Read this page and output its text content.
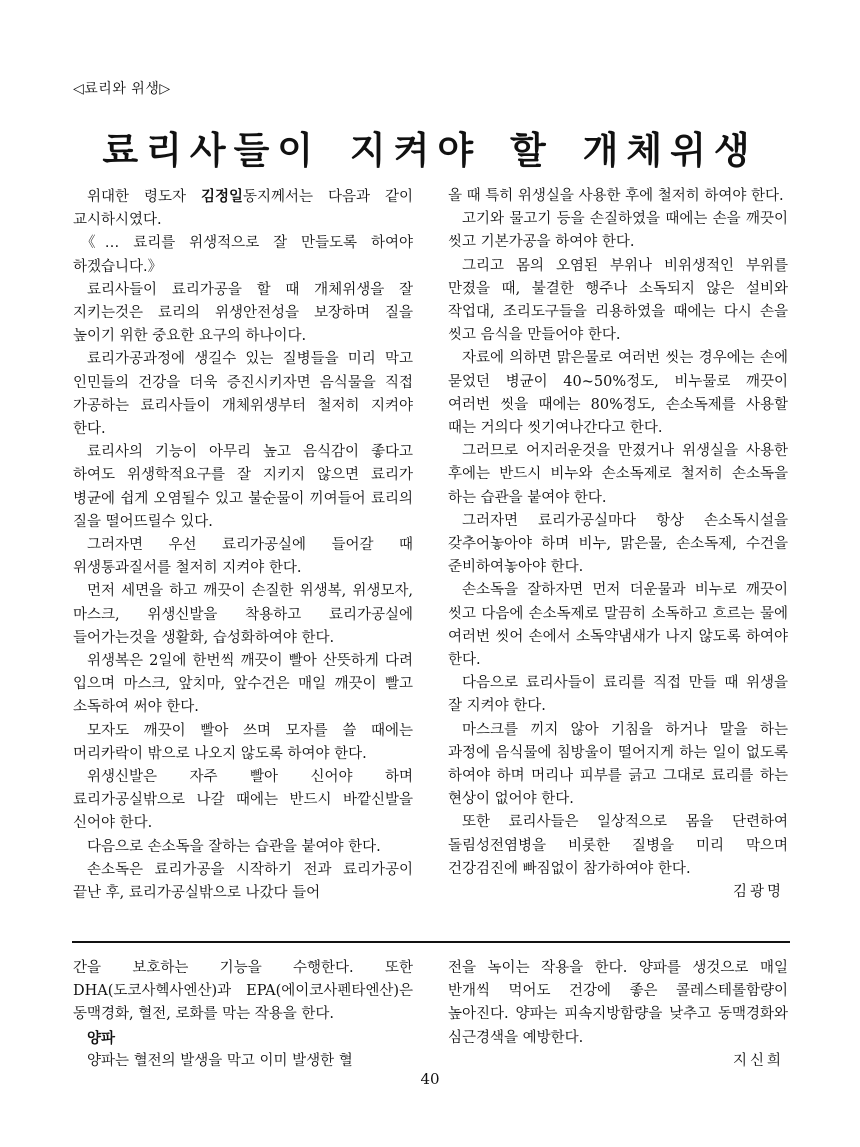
◁료리와 위생▷
료리사들이 지켜야 할 개체위생

위대한 령도자 김정일동지께서는 다음과 같이 교시하시였다.

《… 료리를 위생적으로 잘 만들도록 하여야 하겠습니다.》

료리사들이 료리가공을 할 때 개체위생을 잘 지키는것은 료리의 위생안전성을 보장하며 질을 높이기 위한 중요한 요구의 하나이다.

료리가공과정에 생길수 있는 질병들을 미리 막고 인민들의 건강을 더욱 증진시키자면 음식물을 직접 가공하는 료리사들이 개체위생부터 철저히 지켜야 한다.

료리사의 기능이 아무리 높고 음식감이 좋다고 하여도 위생학적요구를 잘 지키지 않으면 료리가 병균에 쉽게 오염될수 있고 불순물이 끼여들어 료리의 질을 떨어뜨릴수 있다.

그러자면 우선 료리가공실에 들어갈 때 위생통과질서를 철저히 지켜야 한다.

먼저 세면을 하고 깨끗이 손질한 위생복, 위생모자, 마스크, 위생신발을 착용하고 료리가공실에 들어가는것을 생활화, 습성화하여야 한다.

위생복은 2일에 한번씩 깨끗이 빨아 산뜻하게 다려 입으며 마스크, 앞치마, 앞수건은 매일 깨끗이 빨고 소독하여 써야 한다.

모자도 깨끗이 빨아 쓰며 모자를 쓸 때에는 머리카락이 밖으로 나오지 않도록 하여야 한다.

위생신발은 자주 빨아 신어야 하며 료리가공실밖으로 나갈 때에는 반드시 바깥신발을 신어야 한다.

다음으로 손소독을 잘하는 습관을 붙여야 한다.

손소독은 료리가공을 시작하기 전과 료리가공이 끝난 후, 료리가공실밖으로 나갔다 들어

올 때 특히 위생실을 사용한 후에 철저히 하여야 한다.

고기와 물고기 등을 손질하였을 때에는 손을 깨끗이 씻고 기본가공을 하여야 한다.

그리고 몸의 오염된 부위나 비위생적인 부위를 만졌을 때, 불결한 행주나 소독되지 않은 설비와 작업대, 조리도구들을 리용하였을 때에는 다시 손을 씻고 음식을 만들어야 한다.

자료에 의하면 맑은물로 여러번 씻는 경우에는 손에 묻었던 병균이 40~50%정도, 비누물로 깨끗이 여러번 씻을 때에는 80%정도, 손소독제를 사용할 때는 거의다 씻기여나간다고 한다.

그러므로 어지러운것을 만졌거나 위생실을 사용한 후에는 반드시 비누와 손소독제로 철저히 손소독을 하는 습관을 붙여야 한다.

그러자면 료리가공실마다 항상 손소독시설을 갖추어놓아야 하며 비누, 맑은물, 손소독제, 수건을 준비하여놓아야 한다.

손소독을 잘하자면 먼저 더운물과 비누로 깨끗이 씻고 다음에 손소독제로 말끔히 소독하고 흐르는 물에 여러번 씻어 손에서 소독약냄새가 나지 않도록 하여야 한다.

다음으로 료리사들이 료리를 직접 만들 때 위생을 잘 지켜야 한다.

마스크를 끼지 않아 기침을 하거나 말을 하는 과정에 음식물에 침방울이 떨어지게 하는 일이 없도록 하여야 하며 머리나 피부를 긁고 그대로 료리를 하는 현상이 없어야 한다.

또한 료리사들은 일상적으로 몸을 단련하여 돌림성전염병을 비롯한 질병을 미리 막으며 건강검진에 빠짐없이 참가하여야 한다.

김광명

간을 보호하는 기능을 수행한다. 또한 DHA(도코사헥사엔산)과 EPA(에이코사펜타엔산)은 동맥경화, 혈전, 로화를 막는 작용을 한다.

양파

양파는 혈전의 발생을 막고 이미 발생한 혈

전을 녹이는 작용을 한다. 양파를 생것으로 매일 반개씩 먹어도 건강에 좋은 콜레스테롤함량이 높아진다. 양파는 피속지방함량을 낮추고 동맥경화와 심근경색을 예방한다.

지신희

40
